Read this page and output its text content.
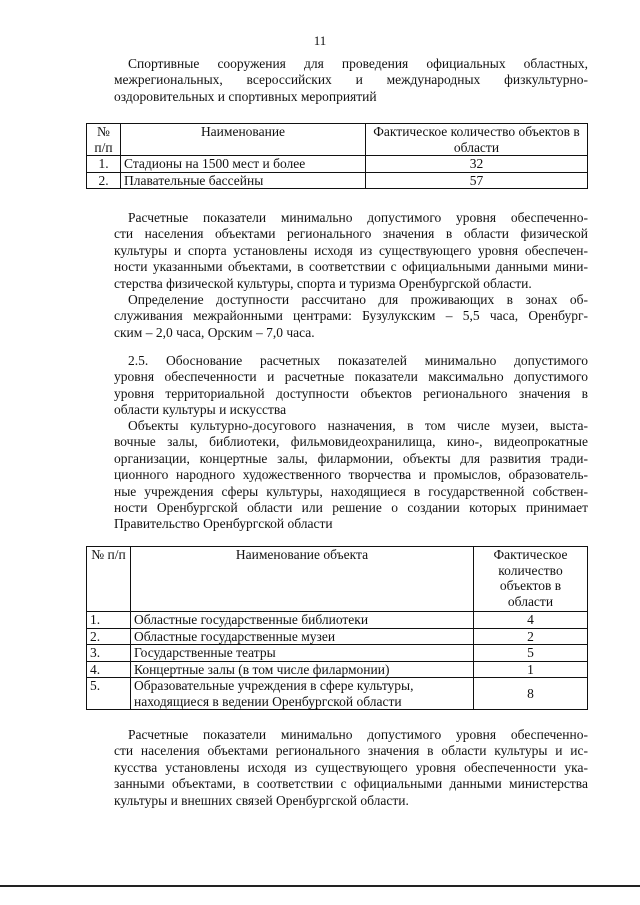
11

Спортивные сооружения для проведения официальных областных,
межрегиональных, всероссийских и международных физкультурно-
оздоровительных и спортивных мероприятий

№ п/п	Наименование	Фактическое количество объектов в области
1.	Стадионы на 1500 мест и более	32
2.	Плавательные бассейны	57

Расчетные показатели минимально допустимого уровня обеспеченно-
сти населения объектами регионального значения в области физической
культуры и спорта установлены исходя из существующего уровня обеспечен-
ности указанными объектами, в соответствии с официальными данными мини-
стерства физической культуры, спорта и туризма Оренбургской области.

Определение доступности рассчитано для проживающих в зонах об-
служивания межрайонными центрами: Бузулукским – 5,5 часа, Оренбург-
ским – 2,0 часа, Орским – 7,0 часа.

2.5. Обоснование расчетных показателей минимально допустимого
уровня обеспеченности и расчетные показатели максимально допустимого
уровня территориальной доступности объектов регионального значения в
области культуры и искусства

Объекты культурно-досугового назначения, в том числе музеи, выста-
вочные залы, библиотеки, фильмовидеохранилища, кино-, видеопрокатные
организации, концертные залы, филармонии, объекты для развития тради-
ционного народного художественного творчества и промыслов, образователь-
ные учреждения сферы культуры, находящиеся в государственной собствен-
ности Оренбургской области или решение о создании которых принимает
Правительство Оренбургской области

№ п/п	Наименование объекта	Фактическое количество объектов в области
1.	Областные государственные библиотеки	4
2.	Областные государственные музеи	2
3.	Государственные театры	5
4.	Концертные залы (в том числе филармонии)	1
5.	Образовательные учреждения в сфере культуры, находящиеся в ведении Оренбургской области	8

Расчетные показатели минимально допустимого уровня обеспеченно-
сти населения объектами регионального значения в области культуры и ис-
кусства установлены исходя из существующего уровня обеспеченности ука-
занными объектами, в соответствии с официальными данными министерства
культуры и внешних связей Оренбургской области.
